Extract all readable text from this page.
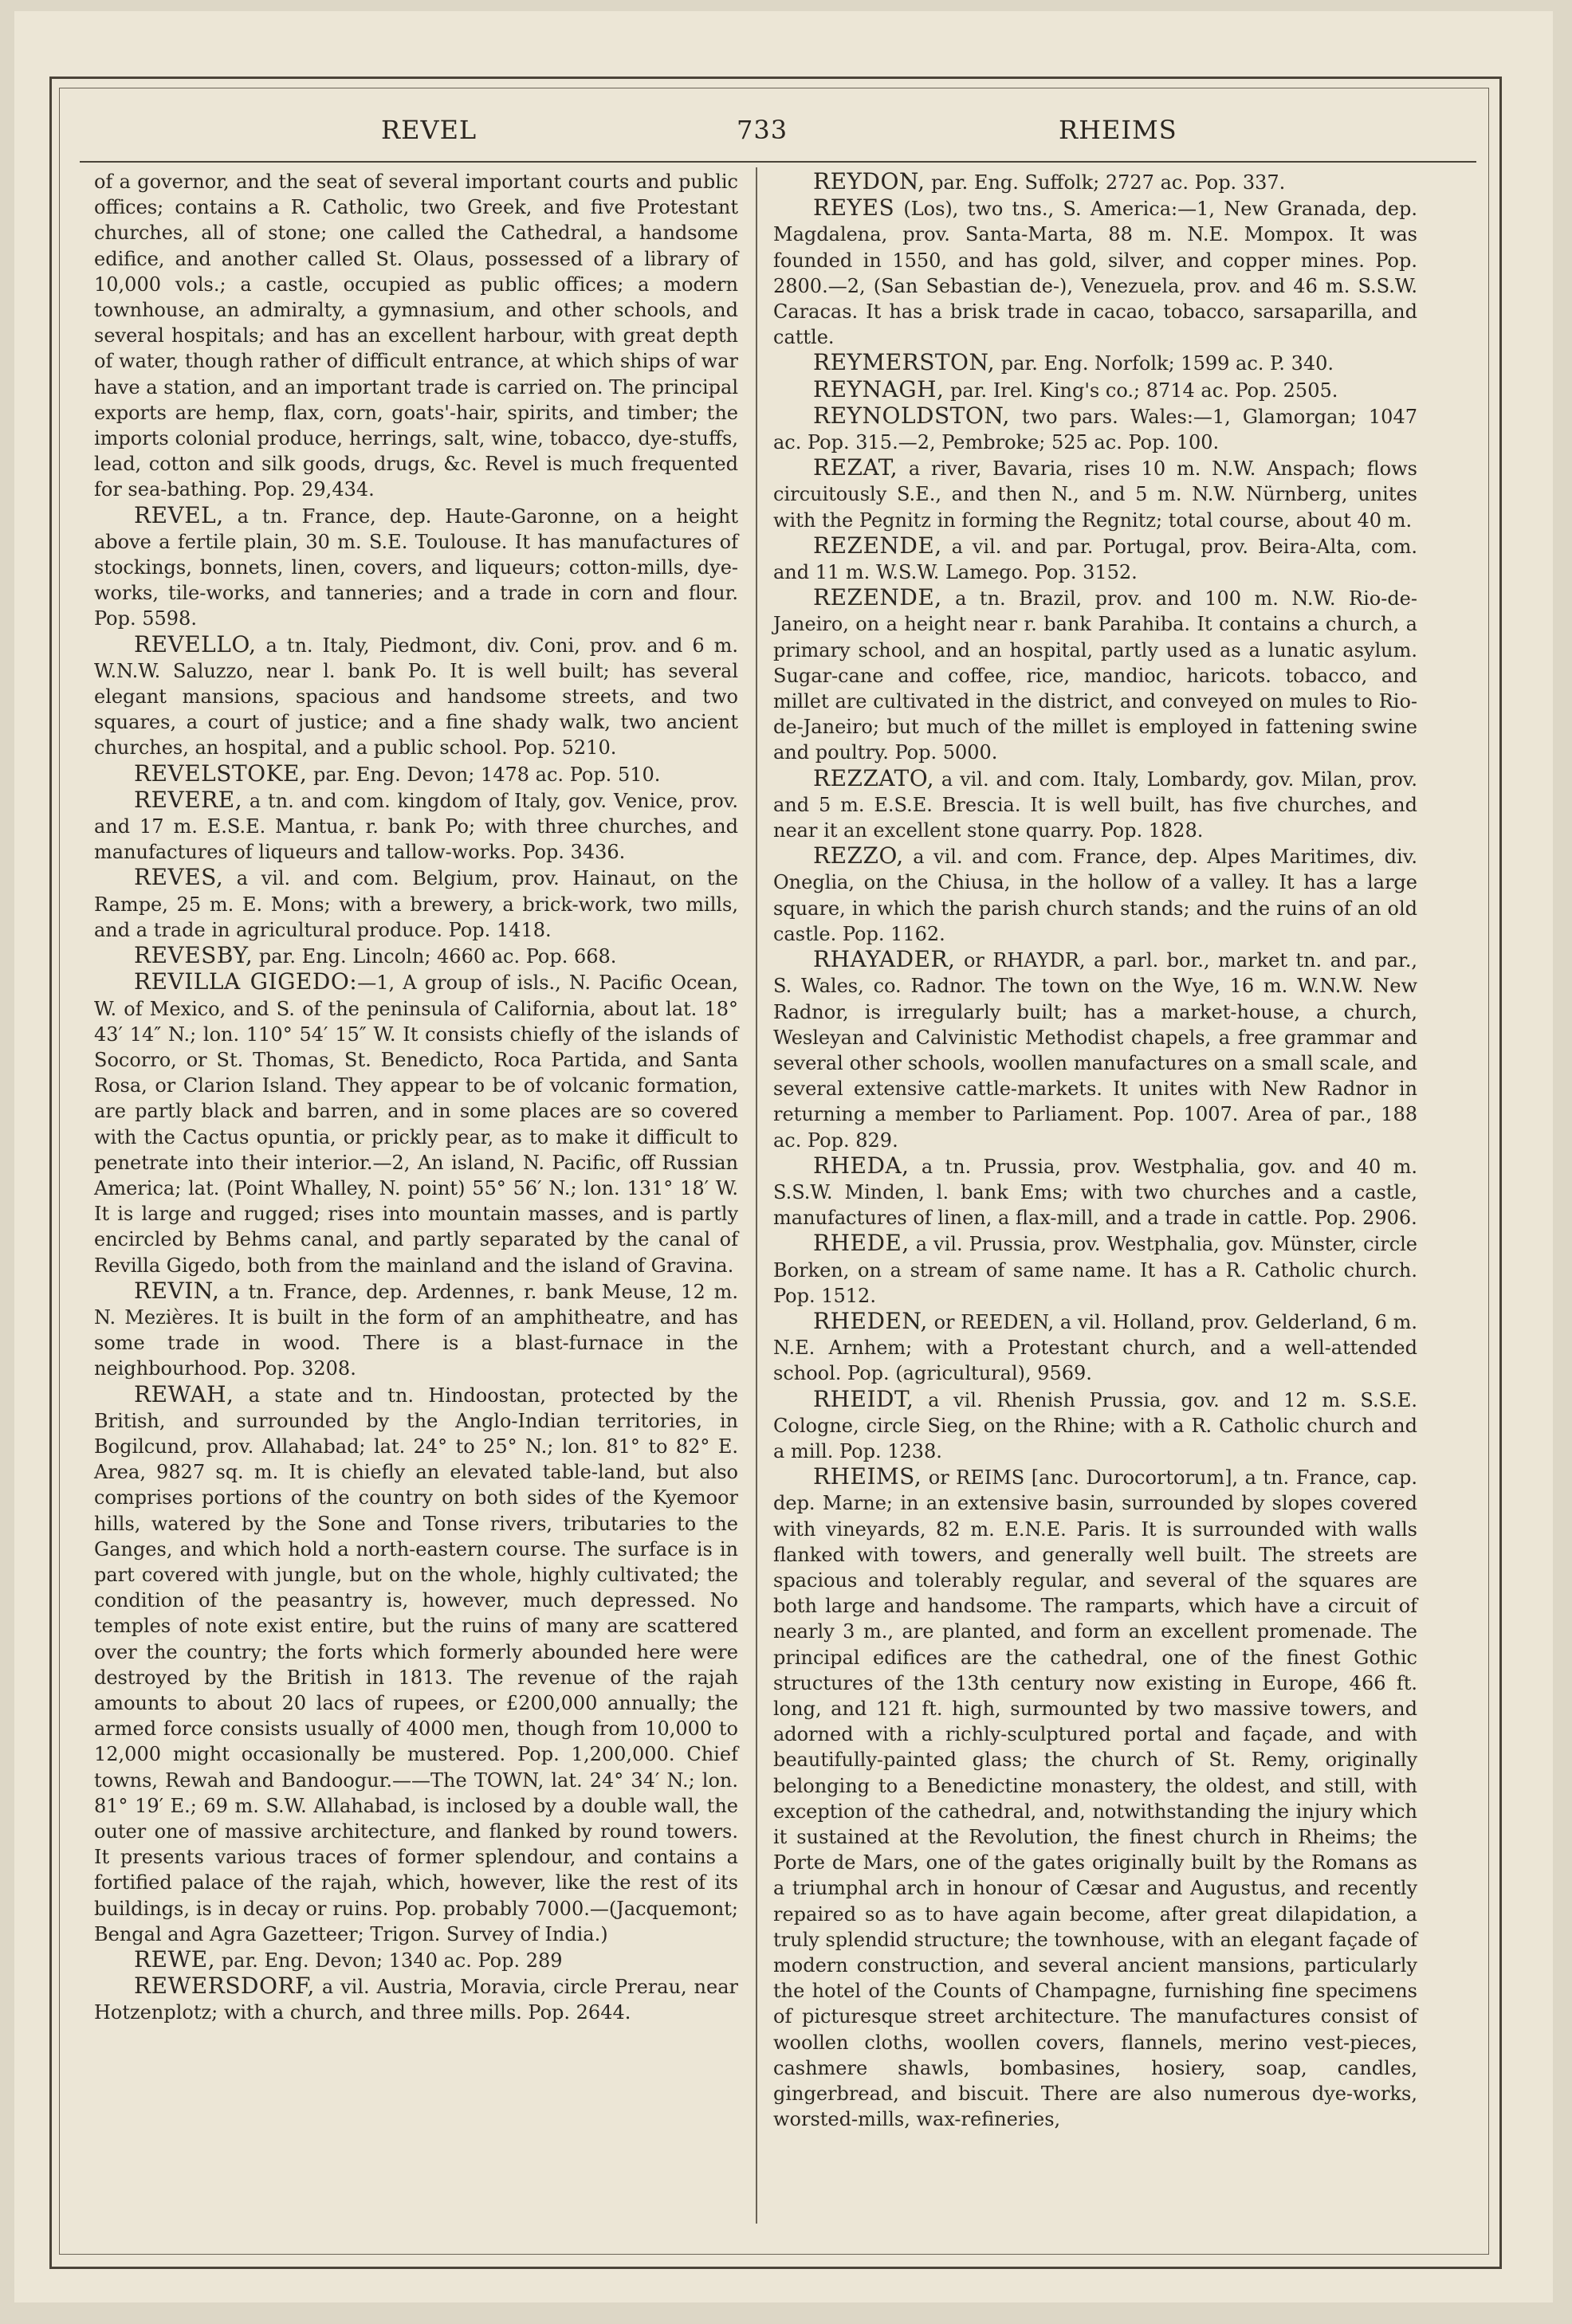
REVEL	733	RHEIMS

of a governor, and the seat of several important courts and public offices; contains a R. Catholic, two Greek, and five Protestant churches, all of stone; one called the Cathedral, a handsome edifice, and another called St. Olaus, possessed of a library of 10,000 vols.; a castle, occupied as public offices; a modern townhouse, an admiralty, a gymnasium, and other schools, and several hospitals; and has an excellent harbour, with great depth of water, though rather of difficult entrance, at which ships of war have a station, and an important trade is carried on. The principal exports are hemp, flax, corn, goats'-hair, spirits, and timber; the imports colonial produce, herrings, salt, wine, tobacco, dye-stuffs, lead, cotton and silk goods, drugs, &c. Revel is much frequented for sea-bathing. Pop. 29,434.

REVEL, a tn. France, dep. Haute-Garonne, on a height above a fertile plain, 30 m. S.E. Toulouse. It has manufactures of stockings, bonnets, linen, covers, and liqueurs; cotton-mills, dye-works, tile-works, and tanneries; and a trade in corn and flour. Pop. 5598.

REVELLO, a tn. Italy, Piedmont, div. Coni, prov. and 6 m. W.N.W. Saluzzo, near l. bank Po. It is well built; has several elegant mansions, spacious and handsome streets, and two squares, a court of justice; and a fine shady walk, two ancient churches, an hospital, and a public school. Pop. 5210.

REVELSTOKE, par. Eng. Devon; 1478 ac. Pop. 510.

REVERE, a tn. and com. kingdom of Italy, gov. Venice, prov. and 17 m. E.S.E. Mantua, r. bank Po; with three churches, and manufactures of liqueurs and tallow-works. Pop. 3436.

REVES, a vil. and com. Belgium, prov. Hainaut, on the Rampe, 25 m. E. Mons; with a brewery, a brick-work, two mills, and a trade in agricultural produce. Pop. 1418.

REVESBY, par. Eng. Lincoln; 4660 ac. Pop. 668.

REVILLA GIGEDO:—1, A group of isls., N. Pacific Ocean, W. of Mexico, and S. of the peninsula of California, about lat. 18° 43′ 14″ N.; lon. 110° 54′ 15″ W. It consists chiefly of the islands of Socorro, or St. Thomas, St. Benedicto, Roca Partida, and Santa Rosa, or Clarion Island. They appear to be of volcanic formation, are partly black and barren, and in some places are so covered with the Cactus opuntia, or prickly pear, as to make it difficult to penetrate into their interior.—2, An island, N. Pacific, off Russian America; lat. (Point Whalley, N. point) 55° 56′ N.; lon. 131° 18′ W. It is large and rugged; rises into mountain masses, and is partly encircled by Behms canal, and partly separated by the canal of Revilla Gigedo, both from the mainland and the island of Gravina.

REVIN, a tn. France, dep. Ardennes, r. bank Meuse, 12 m. N. Mezières. It is built in the form of an amphitheatre, and has some trade in wood. There is a blast-furnace in the neighbourhood. Pop. 3208.

REWAH, a state and tn. Hindoostan, protected by the British, and surrounded by the Anglo-Indian territories, in Bogilcund, prov. Allahabad; lat. 24° to 25° N.; lon. 81° to 82° E. Area, 9827 sq. m. It is chiefly an elevated table-land, but also comprises portions of the country on both sides of the Kyemoor hills, watered by the Sone and Tonse rivers, tributaries to the Ganges, and which hold a north-eastern course. The surface is in part covered with jungle, but on the whole, highly cultivated; the condition of the peasantry is, however, much depressed. No temples of note exist entire, but the ruins of many are scattered over the country; the forts which formerly abounded here were destroyed by the British in 1813. The revenue of the rajah amounts to about 20 lacs of rupees, or £200,000 annually; the armed force consists usually of 4000 men, though from 10,000 to 12,000 might occasionally be mustered. Pop. 1,200,000. Chief towns, Rewah and Bandoogur.——The TOWN, lat. 24° 34′ N.; lon. 81° 19′ E.; 69 m. S.W. Allahabad, is inclosed by a double wall, the outer one of massive architecture, and flanked by round towers. It presents various traces of former splendour, and contains a fortified palace of the rajah, which, however, like the rest of its buildings, is in decay or ruins. Pop. probably 7000.—(Jacquemont; Bengal and Agra Gazetteer; Trigon. Survey of India.)

REWE, par. Eng. Devon; 1340 ac. Pop. 289

REWERSDORF, a vil. Austria, Moravia, circle Prerau, near Hotzenplotz; with a church, and three mills. Pop. 2644.

REYDON, par. Eng. Suffolk; 2727 ac. Pop. 337.

REYES (Los), two tns., S. America:—1, New Granada, dep. Magdalena, prov. Santa-Marta, 88 m. N.E. Mompox. It was founded in 1550, and has gold, silver, and copper mines. Pop. 2800.—2, (San Sebastian de-), Venezuela, prov. and 46 m. S.S.W. Caracas. It has a brisk trade in cacao, tobacco, sarsaparilla, and cattle.

REYMERSTON, par. Eng. Norfolk; 1599 ac. P. 340.

REYNAGH, par. Irel. King's co.; 8714 ac. Pop. 2505.

REYNOLDSTON, two pars. Wales:—1, Glamorgan; 1047 ac. Pop. 315.—2, Pembroke; 525 ac. Pop. 100.

REZAT, a river, Bavaria, rises 10 m. N.W. Anspach; flows circuitously S.E., and then N., and 5 m. N.W. Nürnberg, unites with the Pegnitz in forming the Regnitz; total course, about 40 m.

REZENDE, a vil. and par. Portugal, prov. Beira-Alta, com. and 11 m. W.S.W. Lamego. Pop. 3152.

REZENDE, a tn. Brazil, prov. and 100 m. N.W. Rio-de-Janeiro, on a height near r. bank Parahiba. It contains a church, a primary school, and an hospital, partly used as a lunatic asylum. Sugar-cane and coffee, rice, mandioc, haricots. tobacco, and millet are cultivated in the district, and conveyed on mules to Rio-de-Janeiro; but much of the millet is employed in fattening swine and poultry. Pop. 5000.

REZZATO, a vil. and com. Italy, Lombardy, gov. Milan, prov. and 5 m. E.S.E. Brescia. It is well built, has five churches, and near it an excellent stone quarry. Pop. 1828.

REZZO, a vil. and com. France, dep. Alpes Maritimes, div. Oneglia, on the Chiusa, in the hollow of a valley. It has a large square, in which the parish church stands; and the ruins of an old castle. Pop. 1162.

RHAYADER, or RHAYDR, a parl. bor., market tn. and par., S. Wales, co. Radnor. The town on the Wye, 16 m. W.N.W. New Radnor, is irregularly built; has a market-house, a church, Wesleyan and Calvinistic Methodist chapels, a free grammar and several other schools, woollen manufactures on a small scale, and several extensive cattle-markets. It unites with New Radnor in returning a member to Parliament. Pop. 1007. Area of par., 188 ac. Pop. 829.

RHEDA, a tn. Prussia, prov. Westphalia, gov. and 40 m. S.S.W. Minden, l. bank Ems; with two churches and a castle, manufactures of linen, a flax-mill, and a trade in cattle. Pop. 2906.

RHEDE, a vil. Prussia, prov. Westphalia, gov. Münster, circle Borken, on a stream of same name. It has a R. Catholic church. Pop. 1512.

RHEDEN, or REEDEN, a vil. Holland, prov. Gelderland, 6 m. N.E. Arnhem; with a Protestant church, and a well-attended school. Pop. (agricultural), 9569.

RHEIDT, a vil. Rhenish Prussia, gov. and 12 m. S.S.E. Cologne, circle Sieg, on the Rhine; with a R. Catholic church and a mill. Pop. 1238.

RHEIMS, or REIMS [anc. Durocortorum], a tn. France, cap. dep. Marne; in an extensive basin, surrounded by slopes covered with vineyards, 82 m. E.N.E. Paris. It is surrounded with walls flanked with towers, and generally well built. The streets are spacious and tolerably regular, and several of the squares are both large and handsome. The ramparts, which have a circuit of nearly 3 m., are planted, and form an excellent promenade. The principal edifices are the cathedral, one of the finest Gothic structures of the 13th century now existing in Europe, 466 ft. long, and 121 ft. high, surmounted by two massive towers, and adorned with a richly-sculptured portal and façade, and with beautifully-painted glass; the church of St. Remy, originally belonging to a Benedictine monastery, the oldest, and still, with exception of the cathedral, and, notwithstanding the injury which it sustained at the Revolution, the finest church in Rheims; the Porte de Mars, one of the gates originally built by the Romans as a triumphal arch in honour of Cæsar and Augustus, and recently repaired so as to have again become, after great dilapidation, a truly splendid structure; the townhouse, with an elegant façade of modern construction, and several ancient mansions, particularly the hotel of the Counts of Champagne, furnishing fine specimens of picturesque street architecture. The manufactures consist of woollen cloths, woollen covers, flannels, merino vest-pieces, cashmere shawls, bombasines, hosiery, soap, candles, gingerbread, and biscuit. There are also numerous dye-works, worsted-mills, wax-refineries,
